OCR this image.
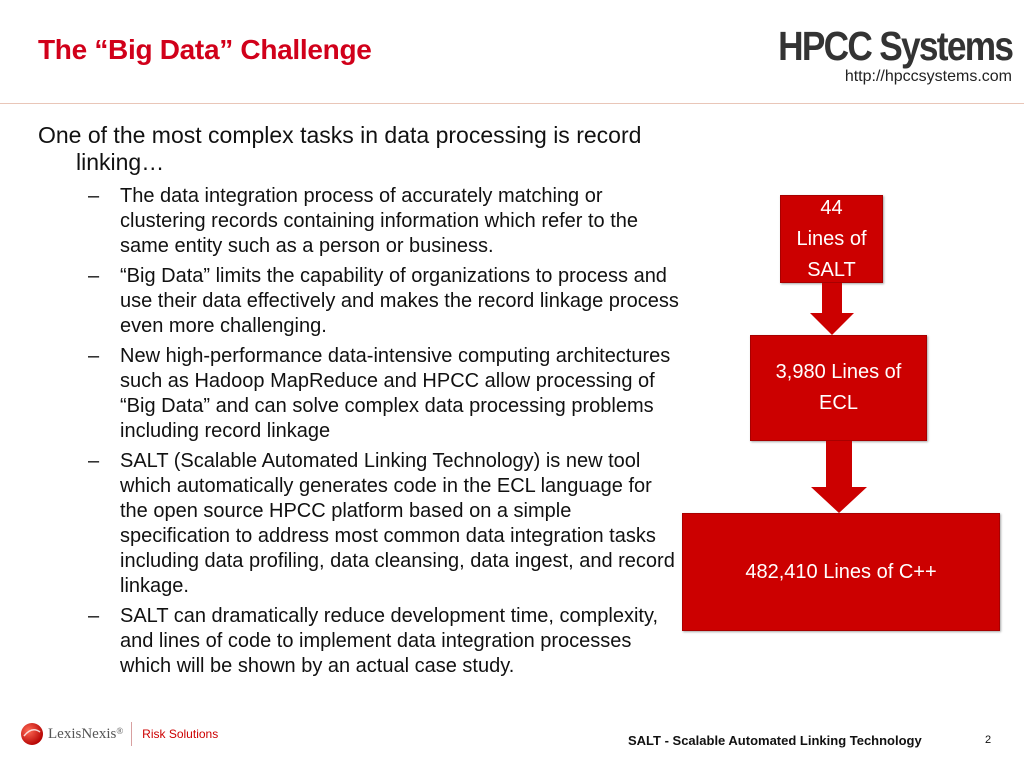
The “Big Data” Challenge	HPCC Systems
http://hpccsystems.com

One of the most complex tasks in data processing is record linking…

– The data integration process of accurately matching or clustering records containing information which refer to the same entity such as a person or business.
– “Big Data” limits the capability of organizations to process and use their data effectively and makes the record linkage process even more challenging.
– New high-performance data-intensive computing architectures such as Hadoop MapReduce and HPCC allow processing of “Big Data” and can solve complex data processing problems including record linkage
– SALT (Scalable Automated Linking Technology) is new tool which automatically generates code in the ECL language for the open source HPCC platform based on a simple specification to address most common data integration tasks including data profiling, data cleansing, data ingest, and record linkage.
– SALT can dramatically reduce development time, complexity, and lines of code to implement data integration processes which will be shown by an actual case study.
44
Lines of
SALT
3,980 Lines of
ECL
482,410 Lines of C++
LexisNexis® Risk Solutions	SALT - Scalable Automated Linking Technology	2
